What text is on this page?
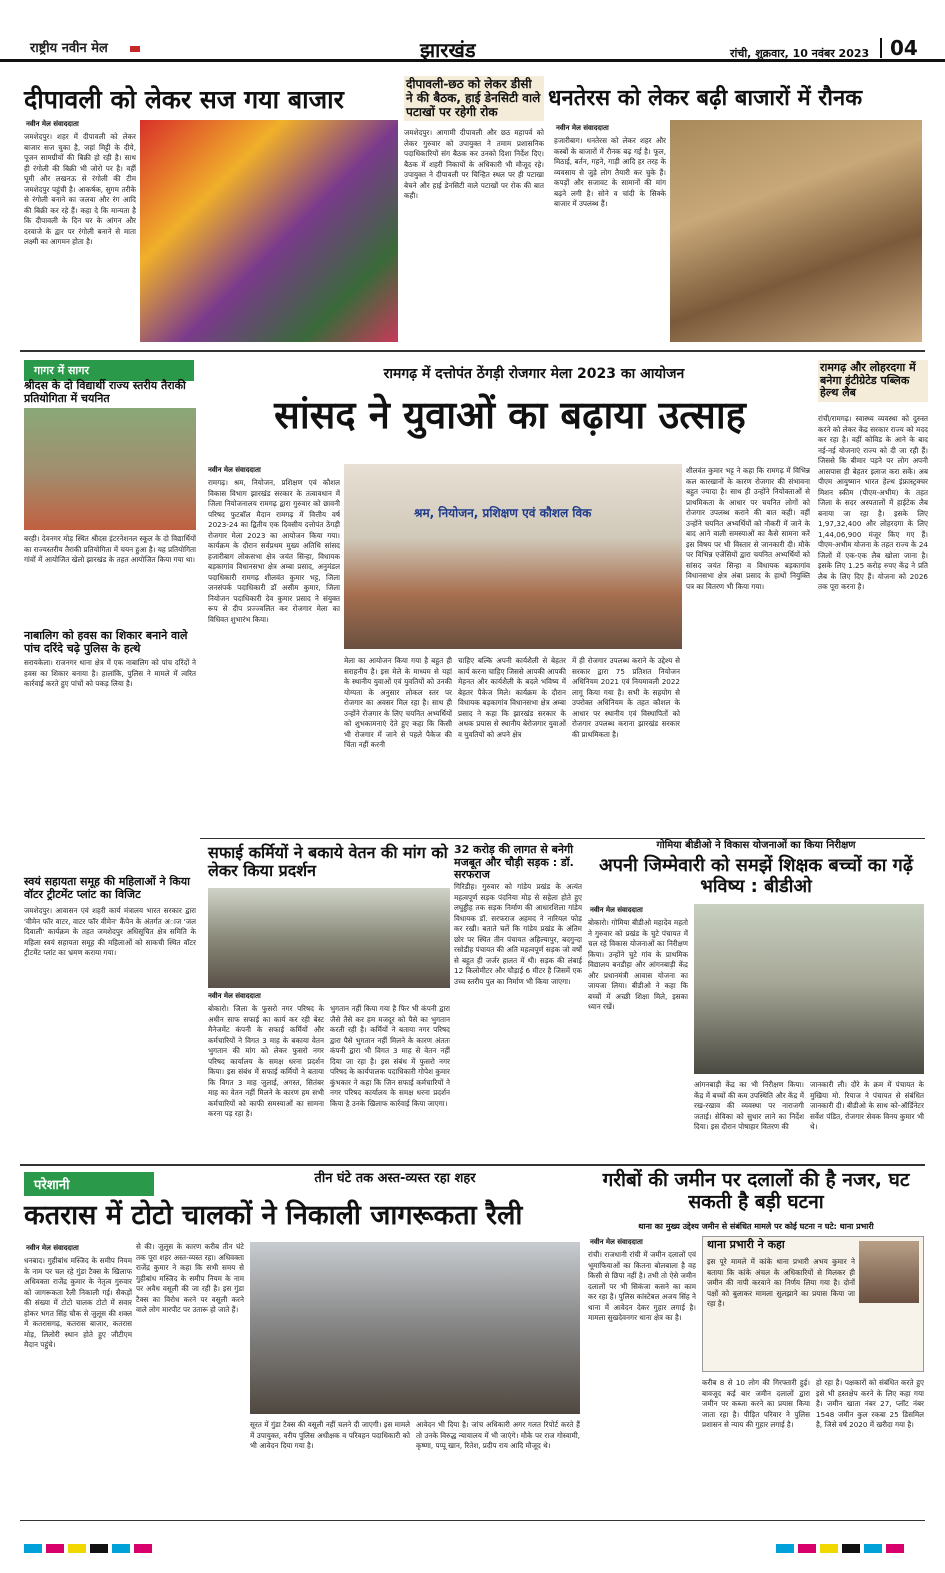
राष्ट्रीय नवीन मेल	झारखंड	रांची, शुक्रवार, 10 नवंबर 2023 04
दीपावली को लेकर सज गया बाजार
नवीन मेल संवाददाता
जमशेदपुर। शहर में दीपावली को लेकर बाजार सज चुका है, जहां मिट्टी के दीये, पूजन सामग्रीयों की बिक्री हो रही है। साथ ही रंगोली की बिक्री भी जोरो पर है। वहीं घूमी और लखनऊ से रंगोली की टीम जमशेदपुर पहुंची है। आकर्षक, सुगम तरीके से रंगोली बनाने का जलवा और रंग आदि की बिक्री कर रहे हैं। कहा दे कि मान्यता है कि दीपावली के दिन घर के आंगन और दरवाजे के द्वार पर रंगोली बनाने से माता लक्ष्मी का आगमन होता है।
दीपावली-छठ को लेकर डीसी ने की बैठक, हाई डेनसिटी वाले पटाखों पर रहेगी रोक
जमशेदपुर। आगामी दीपावली और छठ महापर्व को लेकर गुरुवार को उपायुक्त ने तमाम प्रशासनिक पदाधिकारियों संग बैठक कर उनको दिशा निर्देश दिए। बैठक में शहरी निकायों के अधिकारी भी मौजूद रहे। उपायुक्त ने दीपावली पर चिन्हित स्थल पर ही पटाखा बेचने और हाई डेनसिटी वाले पटाखों पर रोक की बात कही।
धनतेरस को लेकर बढ़ी बाजारों में रौनक
नवीन मेल संवाददाता
हजारीबाग। धनतेरस को लेकर शहर और कस्बों के बाजारों में रौनक बढ़ गई है। फूल, मिठाई, बर्तन, गहने, गाड़ी आदि हर तरह के व्यवसाय से जुड़े लोग तैयारी कर चुके हैं। कपड़ों और सजावट के सामानों की मांग बढ़ने लगी है। सोने व चांदी के सिक्के बाजार में उपलब्ध हैं।
गागर में सागर
श्रीदस के दो विद्यार्थी राज्य स्तरीय तैराकी प्रतियोगिता में चयनित
बरही। देवनगर मोड़ स्थित श्रीदस इंटरनेशनल स्कूल के दो विद्यार्थियों का राज्यस्तरीय तैराकी प्रतियोगिता में चयन हुआ है। यह प्रतियोगिता गांवों में आयोजित खेलो झारखंड के तहत आयोजित किया गया था।
नाबालिग को हवस का शिकार बनाने वाले पांच दरिंदे चढ़े पुलिस के हत्थे
सरायकेला। राजनगर थाना क्षेत्र में एक नाबालिग को पांच दरिंदों ने हवस का शिकार बनाया है। हालांकि, पुलिस ने मामले में त्वरित कार्रवाई करते हुए पांचों को पकड़ लिया है।
स्वयं सहायता समूह की महिलाओं ने किया वॉटर ट्रीटमेंट प्लांट का विजिट
जमशेदपुर। आवासन एवं शहरी कार्य मंत्रालय भारत सरकार द्वारा 'वीमेन फॉर वाटर, वाटर फॉर वीमेन' कैंपेन के अंतर्गत अाज 'जल दिवाली' कार्यक्रम के तहत जमशेदपुर अधिसूचित क्षेत्र समिति के महिला स्वयं सहायता समूह की महिलाओं को साकची स्थित वॉटर ट्रीटमेंट प्लांट का भ्रमण कराया गया।
रामगढ़ में दत्तोपंत ठेंगड़ी रोजगार मेला 2023 का आयोजन
सांसद ने युवाओं का बढ़ाया उत्साह
नवीन मेल संवाददाता
रामगढ़। श्रम, नियोजन, प्रशिक्षण एवं कौशल विकास विभाग झारखंड सरकार के तत्वावधान में जिला नियोजनालय रामगढ़ द्वारा गुरुवार को छावनी परिषद फुटबॉल मैदान रामगढ़ में वित्तीय वर्ष 2023-24 का द्वितीय एक दिवसीय दत्तोपंत ठेंगड़ी रोजगार मेला 2023 का आयोजन किया गया। कार्यक्रम के दौरान सर्वप्रथम मुख्य अतिथि सांसद हजारीबाग लोकसभा क्षेत्र जयंत सिन्हा, विधायक बड़कागांव विधानसभा क्षेत्र अम्बा प्रसाद, अनुमंडल पदाधिकारी रामगढ़ शीलवंत कुमार भट्ट, जिला जनसंपर्क पदाधिकारी डॉ असीम कुमार, जिला नियोजन पदाधिकारी देव कुमार प्रसाद ने संयुक्त रूप से दीप प्रज्ज्वलित कर रोजगार मेला का विधिवत शुभारंभ किया।
श्रम, नियोजन, प्रशिक्षण एवं कौशल विक
मेला का आयोजन किया गया है बहुत ही सराहनीय है। इस मेले के माध्यम से यहां के स्थानीय युवाओं एवं युवतियों को उनकी योग्यता के अनुसार लोकल स्तर पर रोजगार का अवसर मिल रहा है। साथ ही उन्होंने रोजगार के लिए चयनित अभ्यर्थियों को शुभकामनाएं देते हुए कहा कि किसी भी रोजगार में जाने से पहले पैकेज की चिंता नहीं करनी
चाहिए बल्कि अपनी कार्यशैली से बेहतर कार्य करना चाहिए जिससे आपकी आपकी मेहनत और कार्यशैली के बदले भविष्य में बेहतर पैकेज मिले। कार्यक्रम के दौरान विधायक बड़कागांव विधानसभा क्षेत्र अम्बा प्रसाद ने कहा कि झारखंड सरकार के अथक प्रयास से स्थानीय बेरोजगार युवाओं व युवतियों को अपने क्षेत्र
में ही रोजगार उपलब्ध कराने के उद्देश्य से सरकार द्वारा 75 प्रतिशत नियोजन अधिनियम 2021 एवं नियमावली 2022 लागू किया गया है। सभी के सहयोग से उपरोक्त अधिनियम के तहत कौशल के आधार पर स्थानीय एवं विस्थापितों को रोजगार उपलब्ध कराना झारखंड सरकार की प्राथमिकता है।
शीलवंत कुमार भट्ट ने कहा कि रामगढ़ में विभिन्न कल कारखानों के कारण रोजगार की संभावना बहुत ज्यादा है। साथ ही उन्होंने नियोक्ताओं से प्राथमिकता के आधार पर चयनित लोगों को रोजगार उपलब्ध कराने की बात कही। वहीं उन्होंने चयनित अभ्यर्थियों को नौकरी में जाने के बाद आने वाली समस्याओं का कैसे सामना करें इस विषय पर भी विस्तार से जानकारी दी। मौके पर विभिन्न एजेंसियों द्वारा चयनित अभ्यर्थियों को सांसद जयंत सिन्हा व विधायक बड़कागांव विधानसभा क्षेत्र अंबा प्रसाद के हाथों नियुक्ति पत्र का वितरण भी किया गया।
रामगढ़ और लोहरदगा में बनेगा इंटीग्रेटेड पब्लिक हेल्थ लैब
रांची/रामगढ़। स्वास्थ्य व्यवस्था को दुरुस्त करने को लेकर केंद्र सरकार राज्य को मदद कर रहा है। वहीं कोविड के आने के बाद नई-नई योजनाएं राज्य को दी जा रही हैं। जिससे कि बीमार पड़ने पर लोग अपनी आसपास ही बेहतर इलाज करा सकें। अब पीएम आयुष्मान भारत हेल्थ इंफ्रास्ट्रक्चर मिशन स्कीम (पीएम-अभीम) के तहत जिला के सदर अस्पतालों में हाईटेक लैब बनाया जा रहा है। इसके लिए 1,97,32,400 और लोहरदगा के लिए 1,44,06,900 मंजूर किए गए हैं। पीएम-अभीम योजना के तहत राज्य के 24 जिलों में एक-एक लैब खोला जाना है। इसके लिए 1.25 करोड़ रुपए केंद्र ने प्रति लैब के लिए दिए हैं। योजना को 2026 तक पूरा करना है।
सफाई कर्मियों ने बकाये वेतन की मांग को लेकर किया प्रदर्शन
नवीन मेल संवाददाता
बोकारो। जिला के फुसरो नगर परिषद के अधीन साफ सफाई का कार्य कर रही बेस्ट मैनेजमेंट कंपनी के सफाई कर्मियों और कर्मचारियों ने विगत 3 माह के बकाया वेतन भुगतान की मांग को लेकर फुसरो नगर परिषद कार्यालय के समक्ष धरना प्रदर्शन किया। इस संबंध में सफाई कर्मियों ने बताया कि विगत 3 माह जुलाई, अगस्त, सितंबर माह का वेतन नहीं मिलने के कारण हम सभी कर्मचारियों को काफी समस्याओं का सामना करना पड़ रहा है।
भुगतान नहीं किया गया है फिर भी कंपनी द्वारा जैसे तैसे कर हम मजदूर को पैसे का भुगतान करती रही है। कर्मियों ने बताया नगर परिषद द्वारा पैसे भुगतान नहीं मिलने के कारण अंततः कंपनी द्वारा भी विगत 3 माह से वेतन नहीं दिया जा रहा है। इस संबंध में फुसरो नगर परिषद के कार्यपालक पदाधिकारी गोपेश कुमार कुंभकार ने कहा कि जिन सफाई कर्मचारियों ने नगर परिषद कार्यालय के समक्ष धरना प्रदर्शन किया है उनके खिलाफ कार्रवाई किया जाएगा।
32 करोड़ की लागत से बनेगी मजबूत और चौड़ी सड़क : डॉ. सरफराज
गिरिडीह। गुरुवार को गांडेय प्रखंड के अत्यंत महत्वपूर्ण सड़क पंदनिया मोड़ से सहेला होते हुए लघुड्डीह तक सड़क निर्माण की आधारशिला गांडेय विधायक डॉ. सरफराज अहमद ने नारियल फोड़ कर रखी। बताते चलें कि गांडेय प्रखंड के अंतिम छोर पर स्थित तीन पंचायत अहिल्यापुर, बदगुन्दा रसोडीह पंचायत की अति महत्वपूर्ण सड़क जो वर्षों से बहुत ही जर्जर हालत में थी। सड़क की लंबाई 12 किलोमीटर और चौड़ाई 6 मीटर है जिसमें एक उच्च स्तरीय पुल का निर्माण भी किया जाएगा।
गोमिया बीडीओ ने विकास योजनाओं का किया निरीक्षण
अपनी जिम्मेवारी को समझें शिक्षक बच्चों का गढ़ें भविष्य : बीडीओ
नवीन मेल संवाददाता
बोकारो। गोमिया बीडीओ महादेव महतो ने गुरुवार को प्रखंड के चुटे पंचायत में चल रहे विकास योजनाओं का निरीक्षण किया। उन्होंने चुटे गांव के प्राथमिक विद्यालय बनडीहा और आंगनबाड़ी केंद्र और प्रधानमंत्री आवास योजना का जायजा लिया। बीडीओ ने कहा कि बच्चों में अच्छी शिक्षा मिले, इसका ध्यान रखें।
आंगनबाड़ी केंद्र का भी निरीक्षण किया। केंद्र में बच्चों की कम उपस्थिति और केंद्र में रख-रखाव की व्यवस्था पर नाराजगी जताई। सेविका को सुधार लाने का निर्देश दिया। इस दौरान पोषाहार वितरण की
जानकारी ली। दौरे के क्रम में पंचायत के मुखिया मो. रियाज ने पंचायत से संबंधित जानकारी दी। बीडीओ के साथ को-ऑर्डिनेटर सर्वेश पंडित, रोजगार सेवक विनय कुमार भी थे।
परेशानी	तीन घंटे तक अस्त-व्यस्त रहा शहर
कतरास में टोटो चालकों ने निकाली जागरूकता रैली
नवीन मेल संवाददाता
धनबाद। गुहीबांध मस्जिद के समीप नियम के नाम पर चल रहे गुंडा टैक्स के खिलाफ अधिवक्ता राजेंद्र कुमार के नेतृत्व गुरुवार को जागरूकता रैली निकाली गई। सैकड़ों की संख्या में टोटो चालक टोटो में सवार होकर भगत सिंह चौक से जुलूस की शक्ल में कतरासगढ़, कतरास बाजार, कतरास मोड़, लिलोरी स्थान होते हुए जीटीएम मैदान पहुंचे।
से की। जुलूस के कारण करीब तीन घंटे तक पूरा शहर अस्त-व्यस्त रहा। अधिवक्ता राजेंद्र कुमार ने कहा कि सभी समय से गुहीबांध मस्जिद के समीप नियम के नाम पर अवैध वसूली की जा रही है। इस गुंडा टैक्स का विरोध करने पर वसूली करने वाले लोग मारपीट पर उतारू हो जाते हैं।
सूरत में गुंडा टैक्स की वसूली नहीं चलने दी जाएगी। इस मामले में उपायुक्त, वरीय पुलिस अधीक्षक व परिवहन पदाधिकारी को भी आवेदन दिया गया है।
आवेदन भी दिया है। जांच अधिकारी अगर गलत रिपोर्ट करते हैं तो उनके विरुद्ध न्यायालय में भी जाएंगे। मौके पर राज गोस्वामी, कृष्णा, पप्पू खान, रितेश, प्रदीप राय आदि मौजूद थे।
गरीबों की जमीन पर दलालों की है नजर, घट सकती है बड़ी घटना
थाना का मुख्य उद्देश्य जमीन से संबंधित मामले पर कोई घटना न घटे: थाना प्रभारी
नवीन मेल संवाददाता
रांची। राजधानी रांची में जमीन दलालों एवं भूमाफियाओं का कितना बोलबाला है वह किसी से छिपा नहीं है। तभी तो ऐसे जमीन दलालों पर भी सिकंजा कसने का काम कर रहा है। पुलिस कांस्टेबल अजय सिंह ने थाना में आवेदन देकर गुहार लगाई है। मामला सुखदेवनगर थाना क्षेत्र का है।
थाना प्रभारी ने कहा
इस पूरे मामले में कांके थाना प्रभारी अभय कुमार ने बताया कि कांके अंचल के अधिकारियों से मिलकर ही जमीन की नापी करवाने का निर्णय लिया गया है। दोनों पक्षों को बुलाकर मामला सुलझाने का प्रयास किया जा रहा है।
करीब 8 से 10 लोग की गिरफ्तारी हुई। बावजूद कई बार जमीन दलालों द्वारा जमीन पर कब्जा करने का प्रयास किया जाता रहा है। पीड़ित परिवार ने पुलिस प्रशासन से न्याय की गुहार लगाई है।
हो रहा है। पक्षकारों को संबंधित करते हुए इसे भी हस्तक्षेप करने के लिए कहा गया है। जमीन खाता नंबर 27, प्लॉट नंबर 1548 जमीन कुल रकबा 25 डिसमिल है, जिसे वर्ष 2020 में खरीदा गया है।
